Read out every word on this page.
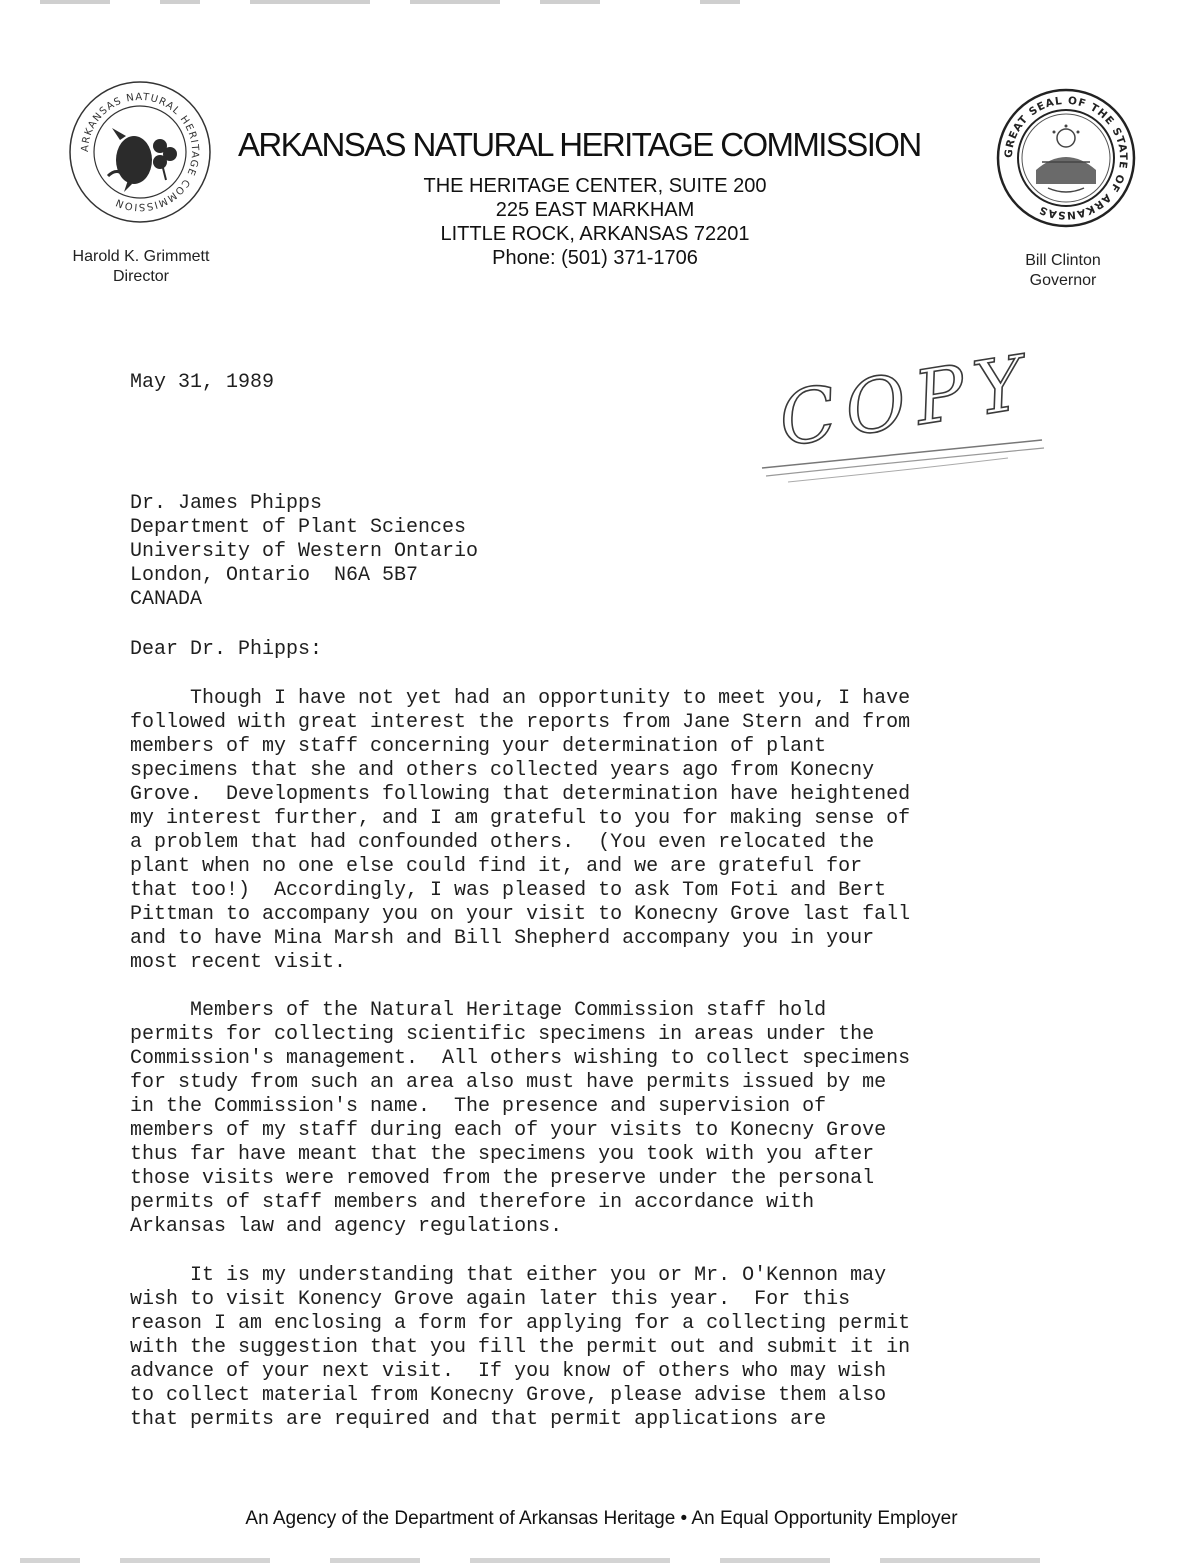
ARKANSAS NATURAL HERITAGE COMMISSION
ARKANSAS NATURAL HERITAGE COMMISSION
THE HERITAGE CENTER, SUITE 200
225 EAST MARKHAM
LITTLE ROCK, ARKANSAS 72201
Phone: (501) 371-1706
GREAT SEAL OF THE STATE OF ARKANSAS
Harold K. Grimmett
Director
Bill Clinton
Governor
COPY
May 31, 1989
Dr. James Phipps
Department of Plant Sciences
University of Western Ontario
London, Ontario  N6A 5B7
CANADA
Dear Dr. Phipps:
Though I have not yet had an opportunity to meet you, I have
followed with great interest the reports from Jane Stern and from
members of my staff concerning your determination of plant
specimens that she and others collected years ago from Konecny
Grove.  Developments following that determination have heightened
my interest further, and I am grateful to you for making sense of
a problem that had confounded others.  (You even relocated the
plant when no one else could find it, and we are grateful for
that too!)  Accordingly, I was pleased to ask Tom Foti and Bert
Pittman to accompany you on your visit to Konecny Grove last fall
and to have Mina Marsh and Bill Shepherd accompany you in your
most recent visit.
Members of the Natural Heritage Commission staff hold
permits for collecting scientific specimens in areas under the
Commission's management.  All others wishing to collect specimens
for study from such an area also must have permits issued by me
in the Commission's name.  The presence and supervision of
members of my staff during each of your visits to Konecny Grove
thus far have meant that the specimens you took with you after
those visits were removed from the preserve under the personal
permits of staff members and therefore in accordance with
Arkansas law and agency regulations.
It is my understanding that either you or Mr. O'Kennon may
wish to visit Konency Grove again later this year.  For this
reason I am enclosing a form for applying for a collecting permit
with the suggestion that you fill the permit out and submit it in
advance of your next visit.  If you know of others who may wish
to collect material from Konecny Grove, please advise them also
that permits are required and that permit applications are
An Agency of the Department of Arkansas Heritage • An Equal Opportunity Employer
